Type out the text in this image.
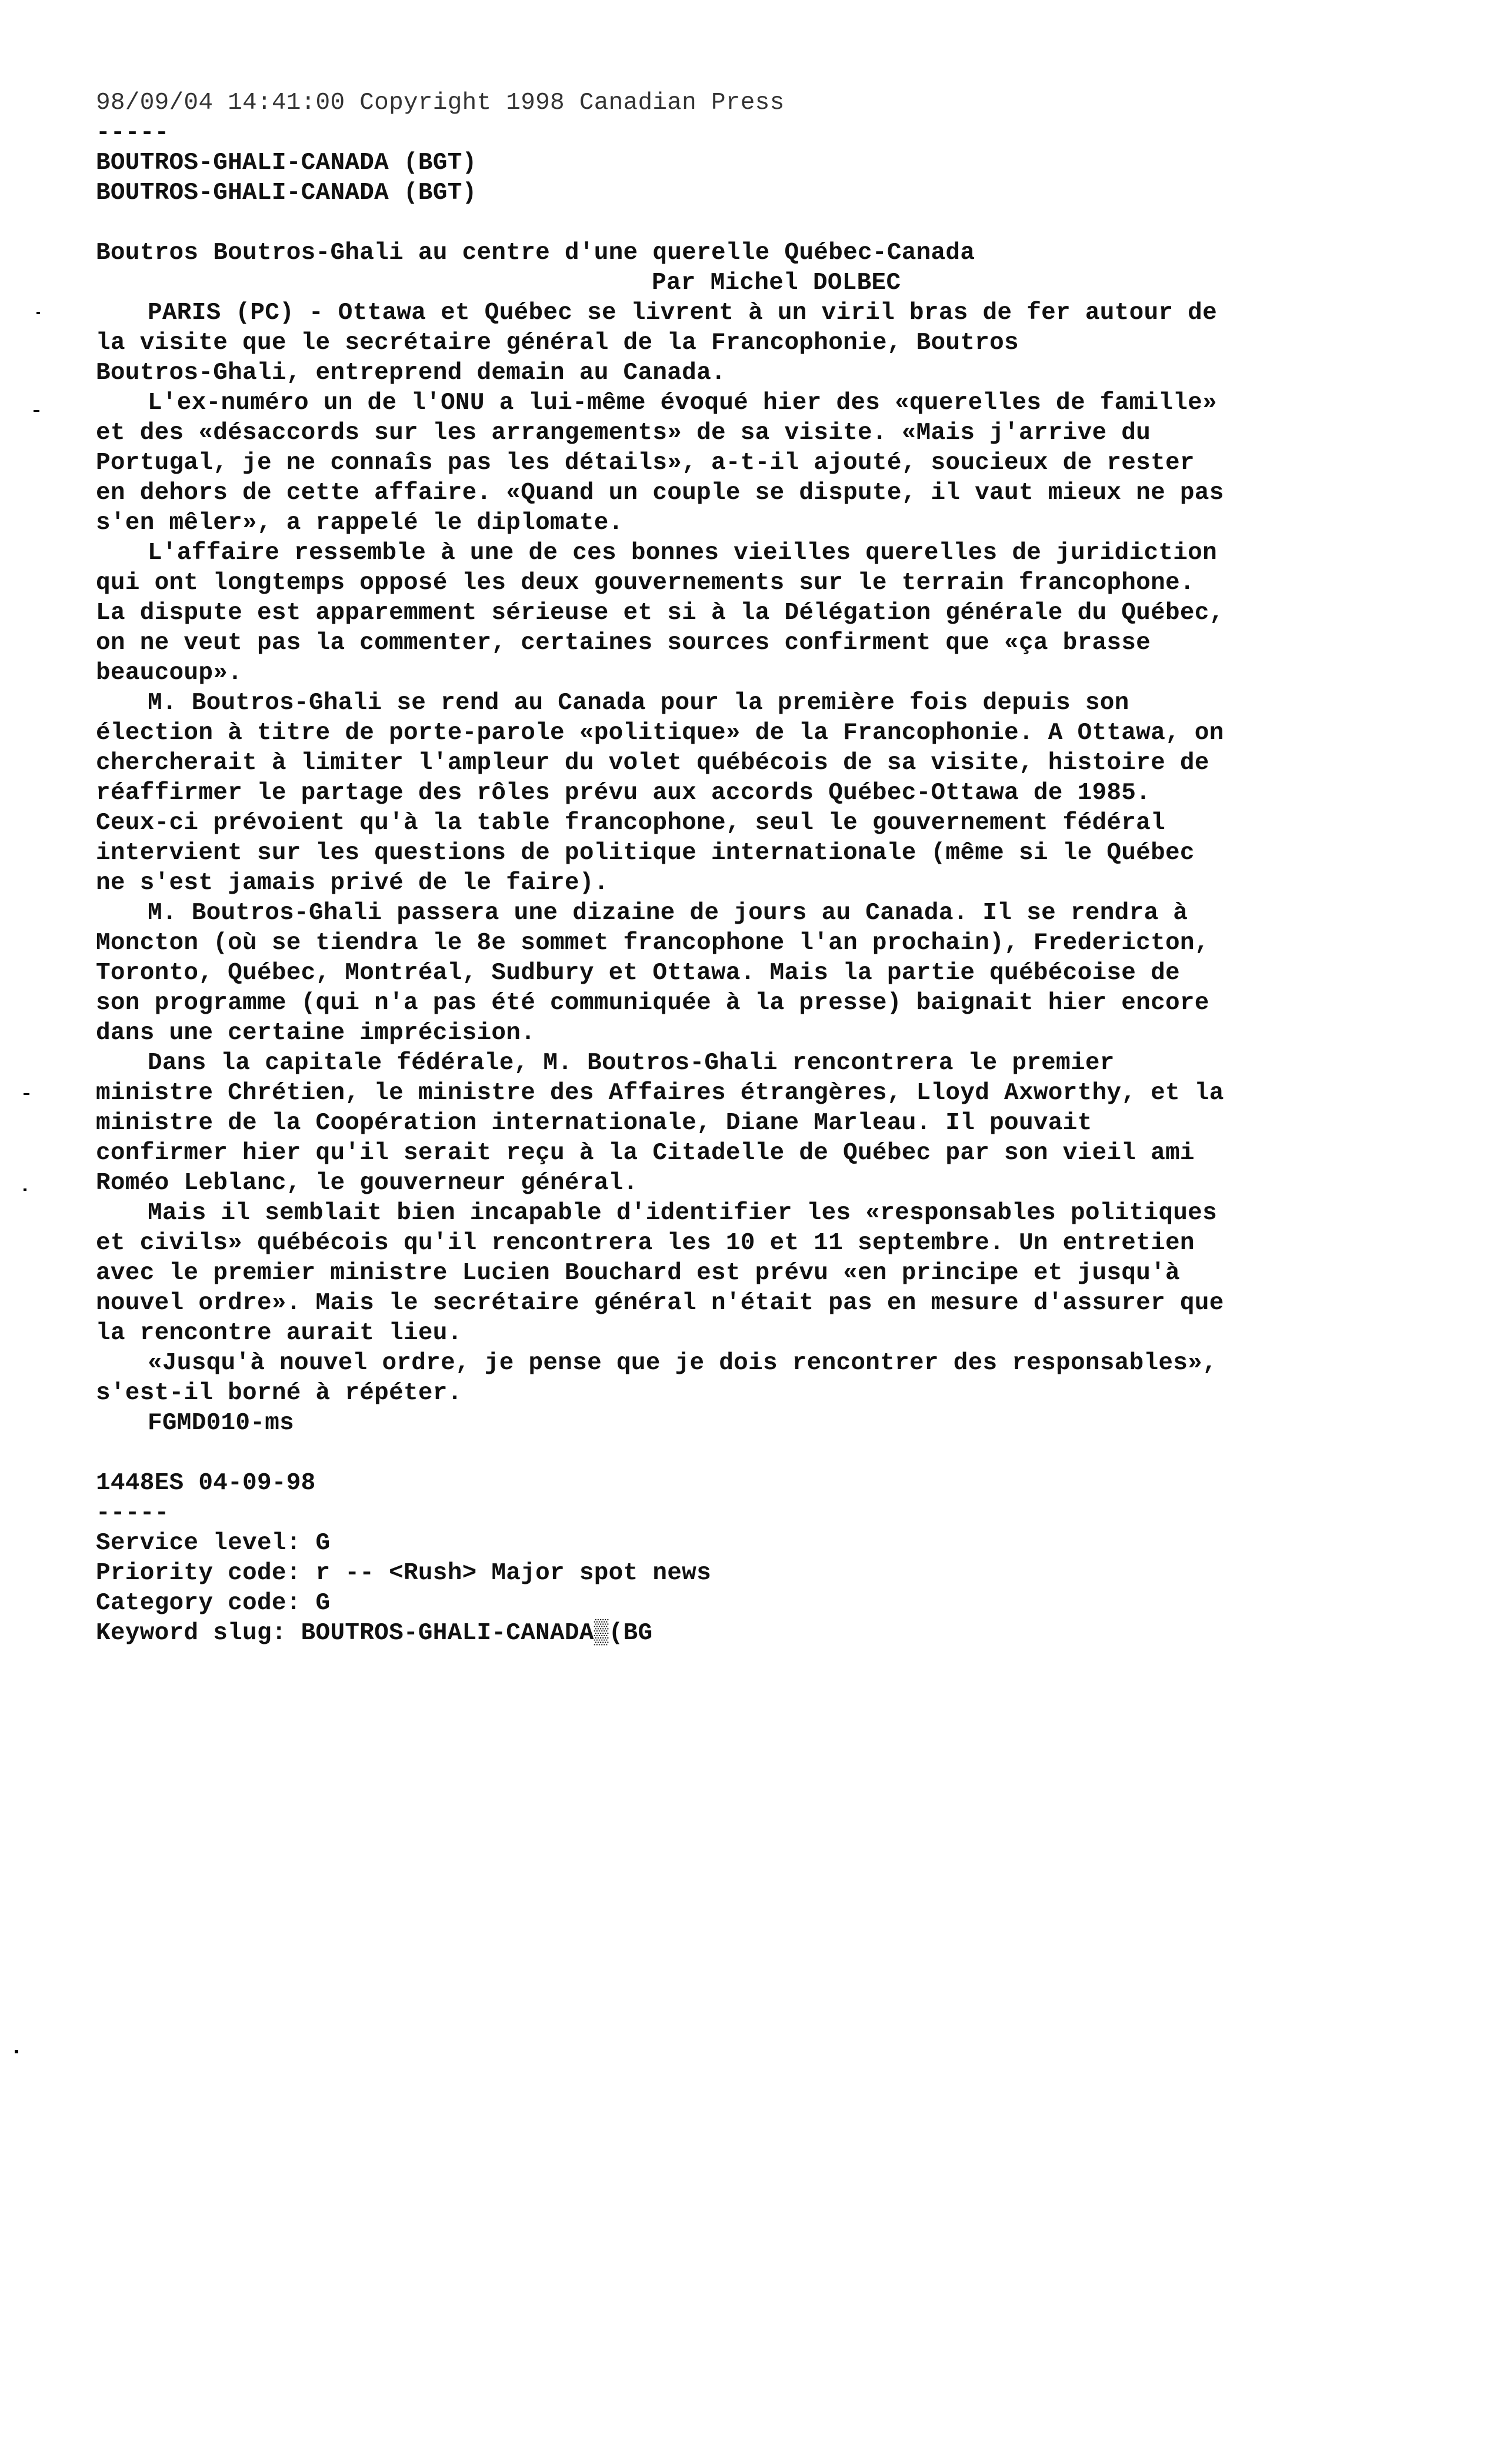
98/09/04 14:41:00 Copyright 1998 Canadian Press
-----
BOUTROS-GHALI-CANADA (BGT)
BOUTROS-GHALI-CANADA (BGT)
Boutros Boutros-Ghali au centre d'une querelle Québec-Canada
Par Michel DOLBEC
PARIS (PC) - Ottawa et Québec se livrent à un viril bras de fer autour de
la visite que le secrétaire général de la Francophonie, Boutros
Boutros-Ghali, entreprend demain au Canada.
L'ex-numéro un de l'ONU a lui-même évoqué hier des «querelles de famille»
et des «désaccords sur les arrangements» de sa visite. «Mais j'arrive du
Portugal, je ne connaîs pas les détails», a-t-il ajouté, soucieux de rester
en dehors de cette affaire. «Quand un couple se dispute, il vaut mieux ne pas
s'en mêler», a rappelé le diplomate.
L'affaire ressemble à une de ces bonnes vieilles querelles de juridiction
qui ont longtemps opposé les deux gouvernements sur le terrain francophone.
La dispute est apparemment sérieuse et si à la Délégation générale du Québec,
on ne veut pas la commenter, certaines sources confirment que «ça brasse
beaucoup».
M. Boutros-Ghali se rend au Canada pour la première fois depuis son
élection à titre de porte-parole «politique» de la Francophonie. A Ottawa, on
chercherait à limiter l'ampleur du volet québécois de sa visite, histoire de
réaffirmer le partage des rôles prévu aux accords Québec-Ottawa de 1985.
Ceux-ci prévoient qu'à la table francophone, seul le gouvernement fédéral
intervient sur les questions de politique internationale (même si le Québec
ne s'est jamais privé de le faire).
M. Boutros-Ghali passera une dizaine de jours au Canada. Il se rendra à
Moncton (où se tiendra le 8e sommet francophone l'an prochain), Fredericton,
Toronto, Québec, Montréal, Sudbury et Ottawa. Mais la partie québécoise de
son programme (qui n'a pas été communiquée à la presse) baignait hier encore
dans une certaine imprécision.
Dans la capitale fédérale, M. Boutros-Ghali rencontrera le premier
ministre Chrétien, le ministre des Affaires étrangères, Lloyd Axworthy, et la
ministre de la Coopération internationale, Diane Marleau. Il pouvait
confirmer hier qu'il serait reçu à la Citadelle de Québec par son vieil ami
Roméo Leblanc, le gouverneur général.
Mais il semblait bien incapable d'identifier les «responsables politiques
et civils» québécois qu'il rencontrera les 10 et 11 septembre. Un entretien
avec le premier ministre Lucien Bouchard est prévu «en principe et jusqu'à
nouvel ordre». Mais le secrétaire général n'était pas en mesure d'assurer que
la rencontre aurait lieu.
«Jusqu'à nouvel ordre, je pense que je dois rencontrer des responsables»,
s'est-il borné à répéter.
FGMD010-ms
1448ES 04-09-98
-----
Service level: G
Priority code: r -- <Rush> Major spot news
Category code: G
Keyword slug: BOUTROS-GHALI-CANADA▒(BG
